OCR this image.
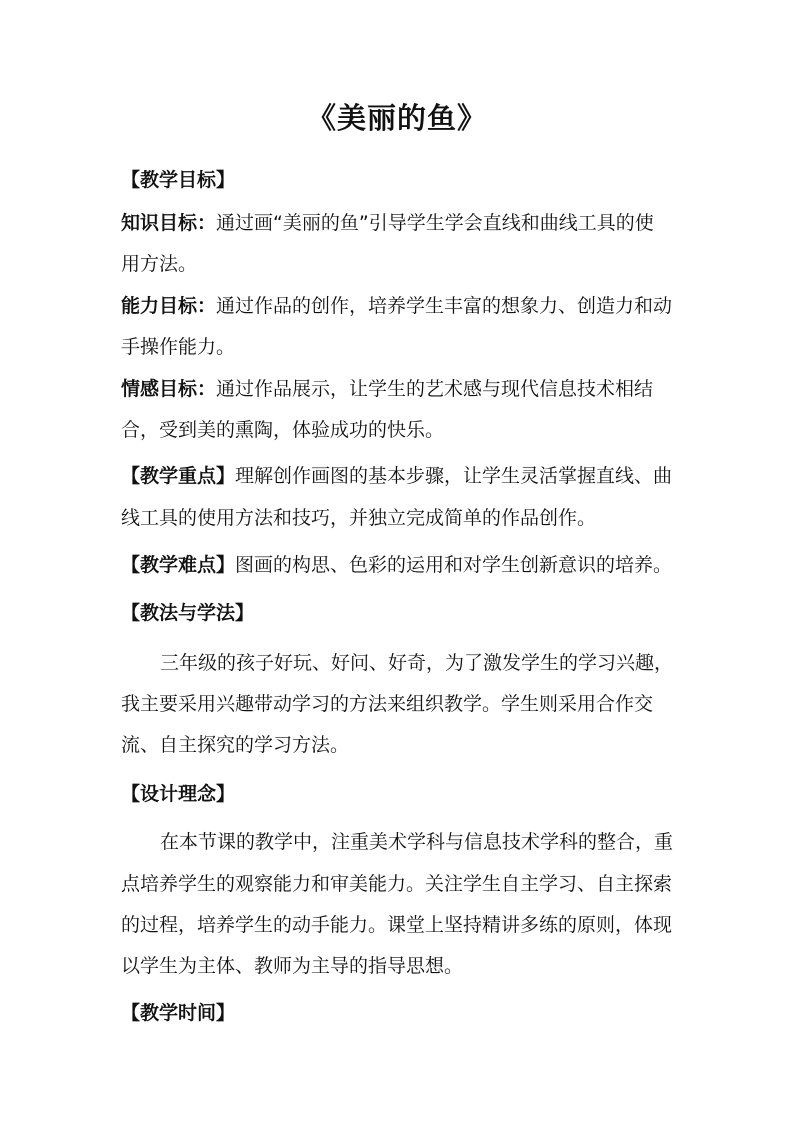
《美丽的鱼》
【教学目标】
知识目标：通过画“美丽的鱼”引导学生学会直线和曲线工具的使
用方法。
能力目标：通过作品的创作，培养学生丰富的想象力、创造力和动
手操作能力。
情感目标：通过作品展示，让学生的艺术感与现代信息技术相结
合，受到美的熏陶，体验成功的快乐。
【教学重点】理解创作画图的基本步骤，让学生灵活掌握直线、曲
线工具的使用方法和技巧，并独立完成简单的作品创作。
【教学难点】图画的构思、色彩的运用和对学生创新意识的培养。
【教法与学法】
三年级的孩子好玩、好问、好奇，为了激发学生的学习兴趣，
我主要采用兴趣带动学习的方法来组织教学。学生则采用合作交
流、自主探究的学习方法。
【设计理念】
在本节课的教学中，注重美术学科与信息技术学科的整合，重
点培养学生的观察能力和审美能力。关注学生自主学习、自主探索
的过程，培养学生的动手能力。课堂上坚持精讲多练的原则，体现
以学生为主体、教师为主导的指导思想。
【教学时间】
